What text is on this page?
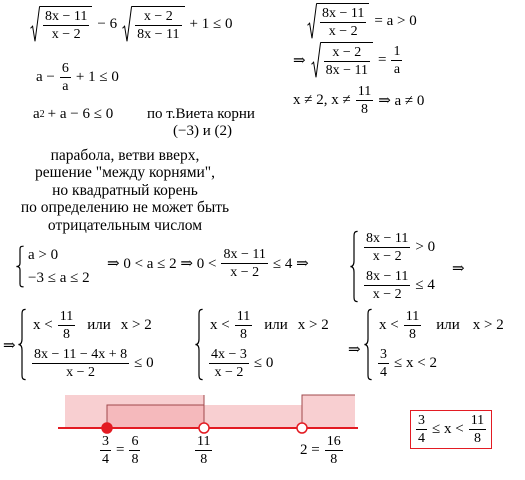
$\frac{8x - 11}{x - 2} - 6 \frac{x - 2}{8x - 11} + 1 \le 0$	$\frac{8x - 11}{x - 2} = a > 0$
⇒ $\frac{x - 2}{8x - 11} = \frac{1}{a}$
x ≠ 2, $x \ne \frac{11}{8}$ ⇒ a ≠ 0
$a - \frac{6}{a} + 1 \le 0$
a 2 + a − 6 ≤ 0 по т.Виета корни
(−3) и (2)
парабола, ветви вверх,
решение "между корнями",
но квадратный корень
по определению не может быть
отрицательным числом
a > 0
−3 ≤ a ≤ 2
⇒ 0 < a ≤ 2 ⇒ $0 < \frac{8x - 11}{x - 2} \le 4$ ⇒	$\frac{8x - 11}{x - 2} > 0$
$\frac{8x - 11}{x - 2} \le 4$
⇒
⇒
$x < \frac{11}{8}$ или x > 2
$\frac{8x - 11 - 4x + 8}{x - 2} \le 0$
$x < \frac{11}{8}$ или x > 2
$\frac{4x - 3}{x - 2} \le 0$
⇒
$x < \frac{11}{8}$ или x > 2
$\frac{3}{4} \le x < 2$
$\frac{3}{4} = \frac{6}{8}$	$\frac{11}{8}$	$2 = \frac{16}{8}$
$\frac{3}{4} \le x < \frac{11}{8}$
